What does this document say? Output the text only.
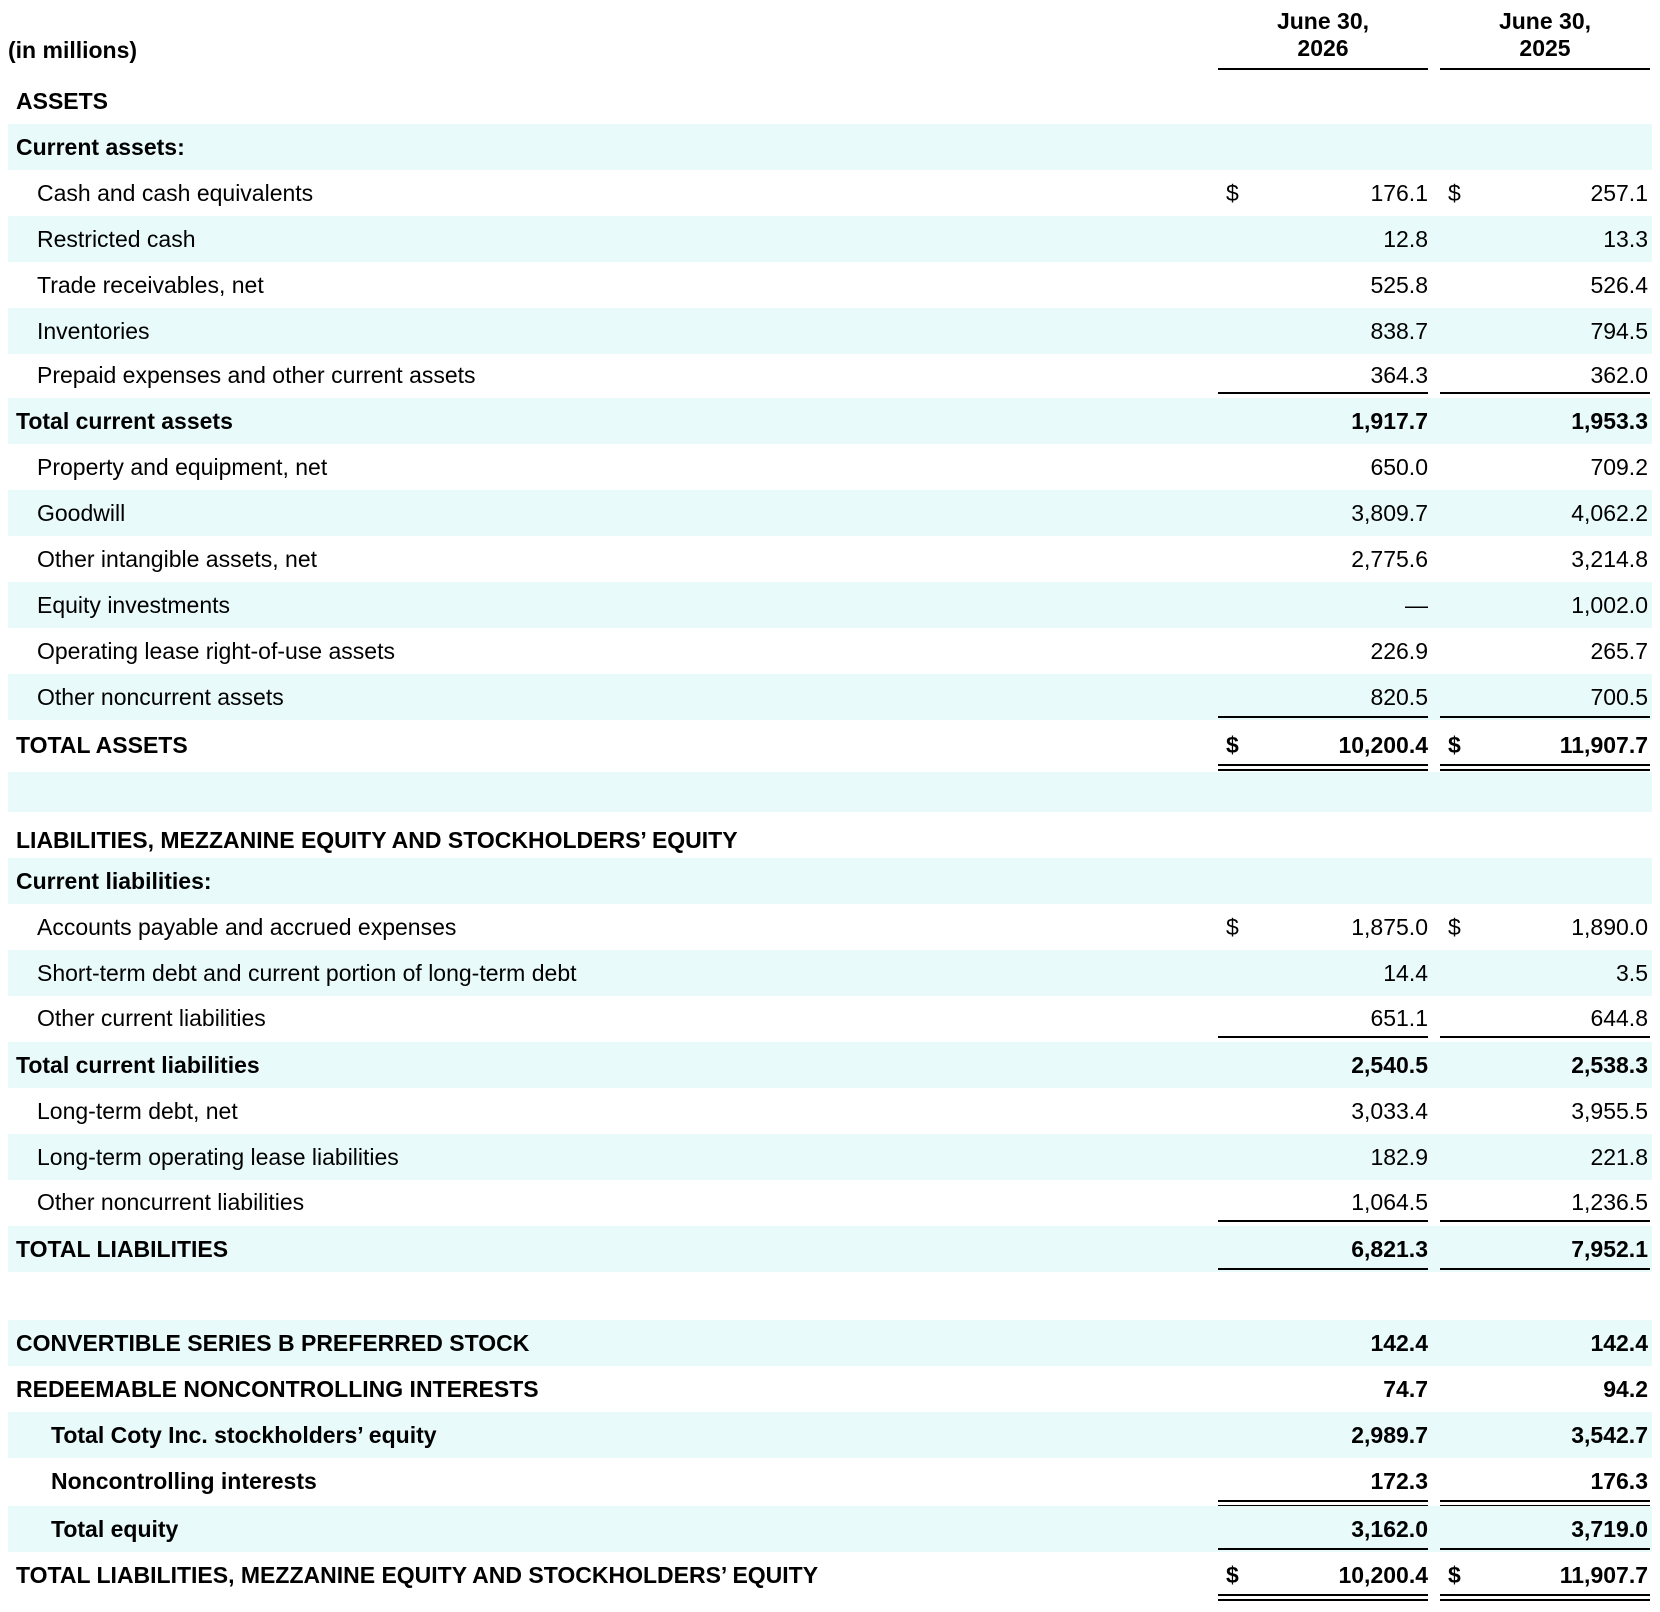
(in millions)
June 30,
2026
June 30,
2025
ASSETS
Current assets:
Cash and cash equivalents	$	176.1 $	257.1
Restricted cash	12.8	13.3
Trade receivables, net	525.8	526.4
Inventories	838.7	794.5
Prepaid expenses and other current assets	364.3	362.0
Total current assets	1,917.7	1,953.3
Property and equipment, net	650.0	709.2
Goodwill	3,809.7	4,062.2
Other intangible assets, net	2,775.6	3,214.8
Equity investments	—	1,002.0
Operating lease right-of-use assets	226.9	265.7
Other noncurrent assets	820.5	700.5
TOTAL ASSETS	$	10,200.4 $	11,907.7
LIABILITIES, MEZZANINE EQUITY AND STOCKHOLDERS’ EQUITY
Current liabilities:
Accounts payable and accrued expenses	$	1,875.0 $	1,890.0
Short-term debt and current portion of long-term debt	14.4	3.5
Other current liabilities	651.1	644.8
Total current liabilities	2,540.5	2,538.3
Long-term debt, net	3,033.4	3,955.5
Long-term operating lease liabilities	182.9	221.8
Other noncurrent liabilities	1,064.5	1,236.5
TOTAL LIABILITIES	6,821.3	7,952.1
CONVERTIBLE SERIES B PREFERRED STOCK	142.4	142.4
REDEEMABLE NONCONTROLLING INTERESTS	74.7	94.2
Total Coty Inc. stockholders’ equity	2,989.7	3,542.7
Noncontrolling interests	172.3	176.3
Total equity	3,162.0	3,719.0
TOTAL LIABILITIES, MEZZANINE EQUITY AND STOCKHOLDERS’ EQUITY	$	10,200.4 $	11,907.7
